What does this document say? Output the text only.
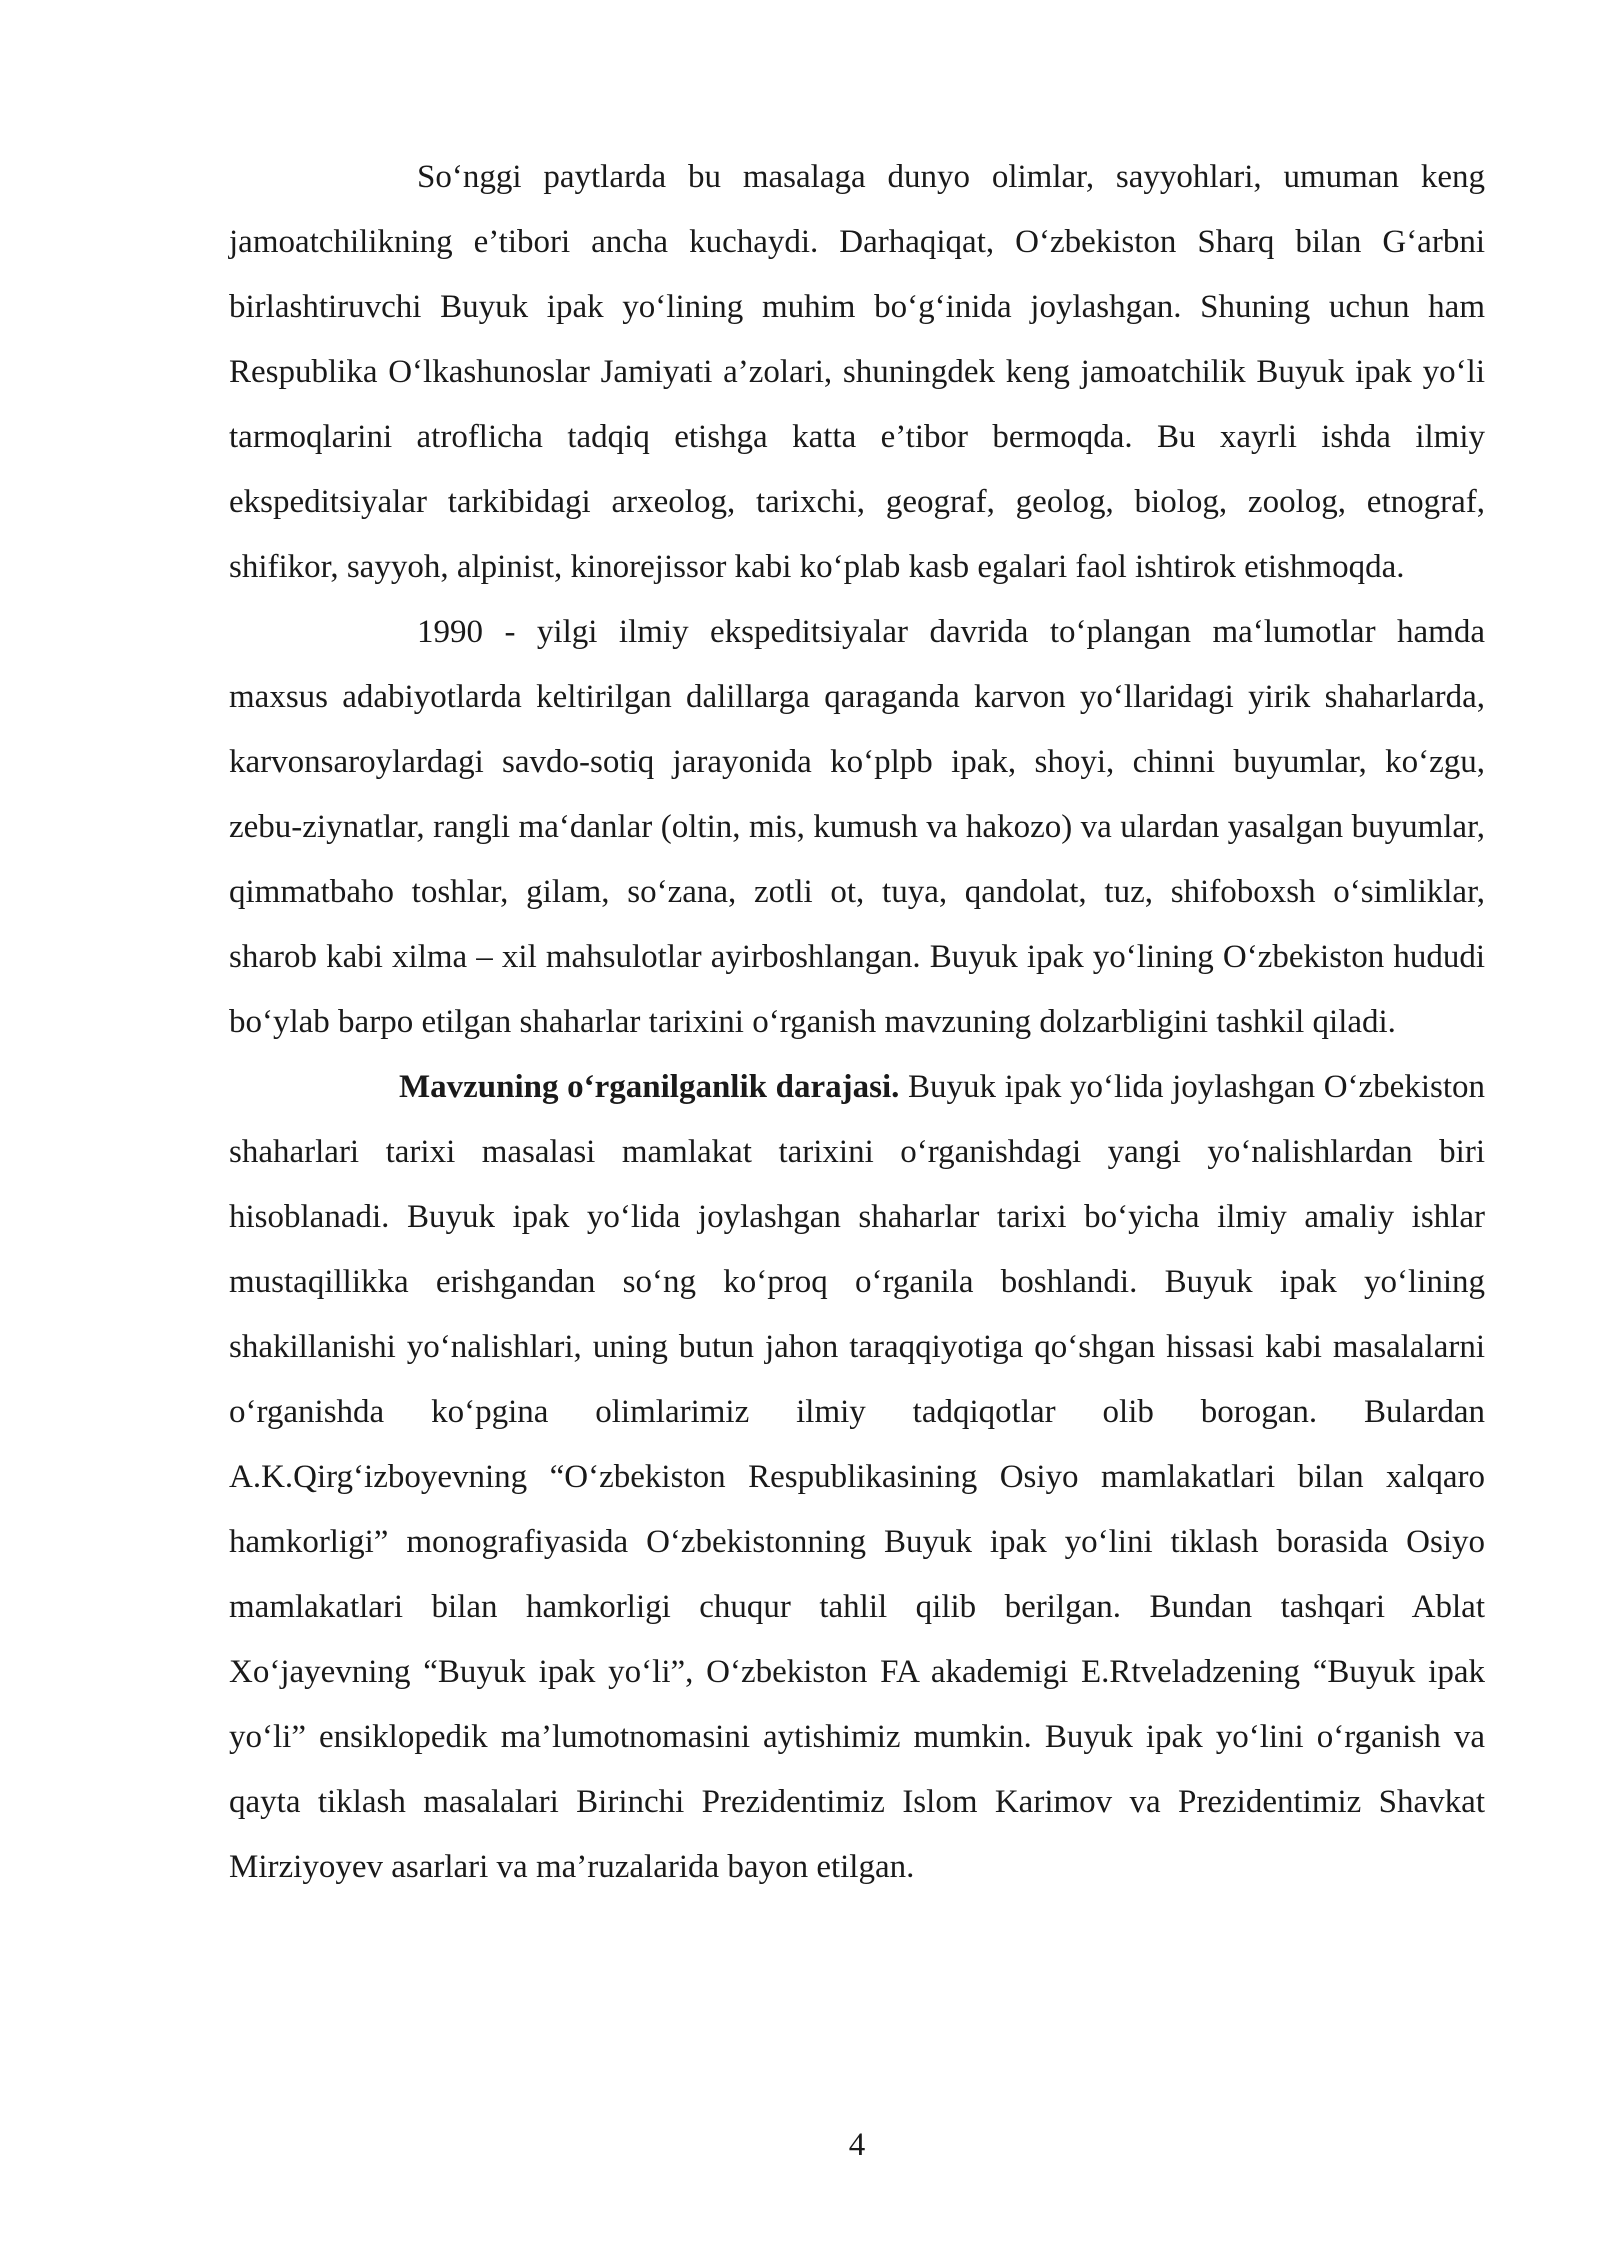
So‘nggi paytlarda bu masalaga dunyo olimlar, sayyohlari, umuman keng jamoatchilikning e’tibori ancha kuchaydi. Darhaqiqat, O‘zbekiston Sharq bilan G‘arbni birlashtiruvchi Buyuk ipak yo‘lining muhim bo‘g‘inida joylashgan. Shuning uchun ham Respublika O‘lkashunoslar Jamiyati a’zolari, shuningdek keng jamoatchilik Buyuk ipak yo‘li tarmoqlarini atroflicha tadqiq etishga katta e’tibor bermoqda. Bu xayrli ishda ilmiy ekspeditsiyalar tarkibidagi arxeolog, tarixchi, geograf, geolog, biolog, zoolog, etnograf, shifikor, sayyoh, alpinist, kinorejissor kabi ko‘plab kasb egalari faol ishtirok etishmoqda.

1990 - yilgi ilmiy ekspeditsiyalar davrida to‘plangan ma‘lumotlar hamda maxsus adabiyotlarda keltirilgan dalillarga qaraganda karvon yo‘llaridagi yirik shaharlarda, karvonsaroylardagi savdo-sotiq jarayonida ko‘plpb ipak, shoyi, chinni buyumlar, ko‘zgu, zebu-ziynatlar, rangli ma‘danlar (oltin, mis, kumush va hakozo) va ulardan yasalgan buyumlar, qimmatbaho toshlar, gilam, so‘zana, zotli ot, tuya, qandolat, tuz, shifoboxsh o‘simliklar, sharob kabi xilma – xil mahsulotlar ayirboshlangan. Buyuk ipak yo‘lining O‘zbekiston hududi bo‘ylab barpo etilgan shaharlar tarixini o‘rganish mavzuning dolzarbligini tashkil qiladi.

Mavzuning o‘rganilganlik darajasi. Buyuk ipak yo‘lida joylashgan O‘zbekiston shaharlari tarixi masalasi mamlakat tarixini o‘rganishdagi yangi yo‘nalishlardan biri hisoblanadi. Buyuk ipak yo‘lida joylashgan shaharlar tarixi bo‘yicha ilmiy amaliy ishlar mustaqillikka erishgandan so‘ng ko‘proq o‘rganila boshlandi. Buyuk ipak yo‘lining shakillanishi yo‘nalishlari, uning butun jahon taraqqiyotiga qo‘shgan hissasi kabi masalalarni o‘rganishda ko‘pgina olimlarimiz ilmiy tadqiqotlar olib borogan. Bulardan A.K.Qirg‘izboyevning “O‘zbekiston Respublikasining Osiyo mamlakatlari bilan xalqaro hamkorligi” monografiyasida O‘zbekistonning Buyuk ipak yo‘lini tiklash borasida Osiyo mamlakatlari bilan hamkorligi chuqur tahlil qilib berilgan. Bundan tashqari Ablat Xo‘jayevning “Buyuk ipak yo‘li”, O‘zbekiston FA akademigi E.Rtveladzening “Buyuk ipak yo‘li” ensiklopedik ma’lumotnomasini aytishimiz mumkin. Buyuk ipak yo‘lini o‘rganish va qayta tiklash masalalari Birinchi Prezidentimiz Islom Karimov va Prezidentimiz Shavkat Mirziyoyev asarlari va ma’ruzalarida bayon etilgan.

4
